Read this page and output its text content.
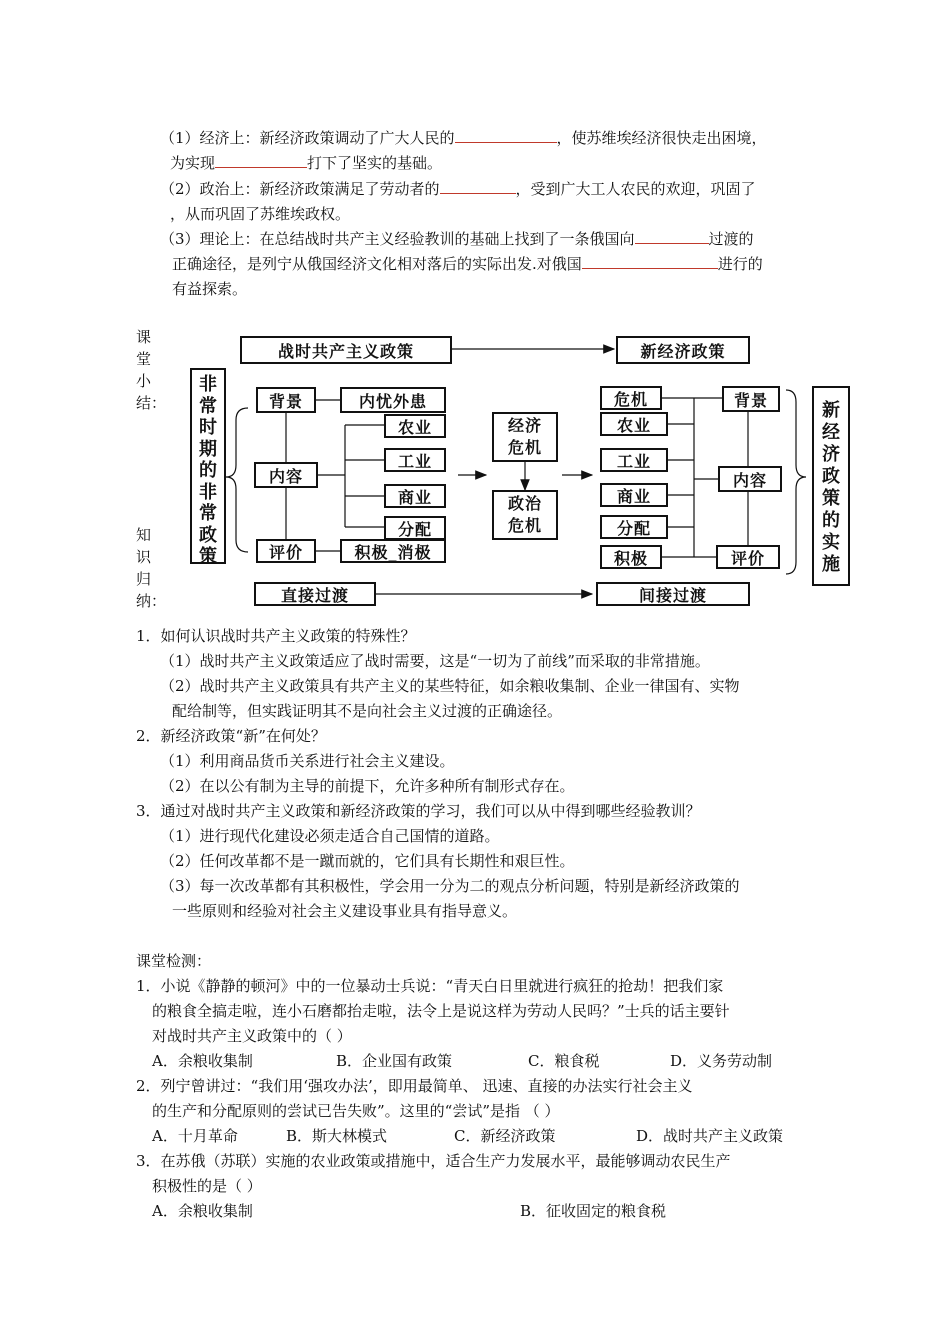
（1）经济上：新经济政策调动了广大人民的	，使苏维埃经济很快走出困境，
为实现	打下了坚实的基础。
（2）政治上：新经济政策满足了劳动者的	，受到广大工人农民的欢迎，巩固了
，从而巩固了苏维埃政权。
（3）理论上：在总结战时共产主义经验教训的基础上找到了一条俄国向	过渡的
正确途径，是列宁从俄国经济文化相对落后的实际出发.对俄国	进行的
有益探索。
课
堂
小
结：
知
识
归
纳：
战时共产主义政策	新经济政策
非
常
时
期
的
非
常
政
策
背景	内忧外患
内容
农业
工业
商业
分配
评价	积极_消极
经济危机
政治危机
危机
农业
工业
商业
分配
积极
背景
内容
评价
新
经
济
政
策
的
实
施
直接过渡	间接过渡
1．如何认识战时共产主义政策的特殊性？
（1）战时共产主义政策适应了战时需要，这是“一切为了前线”而采取的非常措施。
（2）战时共产主义政策具有共产主义的某些特征，如余粮收集制、企业一律国有、实物
配给制等，但实践证明其不是向社会主义过渡的正确途径。
2．新经济政策“新”在何处？
（1）利用商品货币关系进行社会主义建设。
（2）在以公有制为主导的前提下，允许多种所有制形式存在。
3．通过对战时共产主义政策和新经济政策的学习，我们可以从中得到哪些经验教训？
（1）进行现代化建设必须走适合自己国情的道路。
（2）任何改革都不是一蹴而就的，它们具有长期性和艰巨性。
（3）每一次改革都有其积极性，学会用一分为二的观点分析问题，特别是新经济政策的
一些原则和经验对社会主义建设事业具有指导意义。
课堂检测：
1．小说《静静的顿河》中的一位暴动士兵说：“青天白日里就进行疯狂的抢劫！把我们家
的粮食全搞走啦，连小石磨都抬走啦，法令上是说这样为劳动人民吗？”士兵的话主要针
对战时共产主义政策中的（ ）
A．余粮收集制	B．企业国有政策	C．粮食税	D．义务劳动制
2．列宁曾讲过：“我们用‘强攻办法’，即用最简单、 迅速、直接的办法实行社会主义
的生产和分配原则的尝试已告失败”。这里的“尝试”是指 （ ）
A．十月革命	B．斯大林模式	C．新经济政策	D．战时共产主义政策
3．在苏俄（苏联）实施的农业政策或措施中，适合生产力发展水平，最能够调动农民生产
积极性的是（ ）
A．余粮收集制	B．征收固定的粮食税
